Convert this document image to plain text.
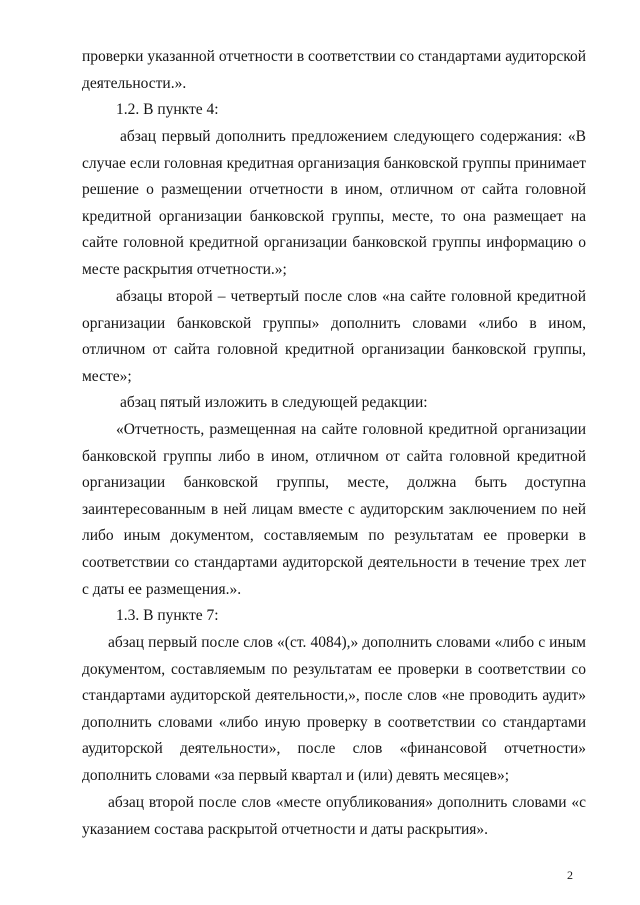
проверки указанной отчетности в соответствии со стандартами аудиторской деятельности.».

1.2. В пункте 4:

абзац первый дополнить предложением следующего содержания: «В случае если головная кредитная организация банковской группы принимает решение о размещении отчетности в ином, отличном от сайта головной кредитной организации банковской группы, месте, то она размещает на сайте головной кредитной организации банковской группы информацию о месте раскрытия отчетности.»;

абзацы второй – четвертый после слов «на сайте головной кредитной организации банковской группы» дополнить словами «либо в ином, отличном от сайта головной кредитной организации банковской группы, месте»;

абзац пятый изложить в следующей редакции:

«Отчетность, размещенная на сайте головной кредитной организации банковской группы либо в ином, отличном от сайта головной кредитной организации банковской группы, месте, должна быть доступна заинтересованным в ней лицам вместе с аудиторским заключением по ней либо иным документом, составляемым по результатам ее проверки в соответствии со стандартами аудиторской деятельности в течение трех лет с даты ее размещения.».

1.3. В пункте 7:

абзац первый после слов «(ст. 4084),» дополнить словами «либо с иным документом, составляемым по результатам ее проверки в соответствии со стандартами аудиторской деятельности,», после слов «не проводить аудит» дополнить словами «либо иную проверку в соответствии со стандартами аудиторской деятельности», после слов «финансовой отчетности» дополнить словами «за первый квартал и (или) девять месяцев»;

абзац второй после слов «месте опубликования» дополнить словами «с указанием состава раскрытой отчетности и даты раскрытия».

2
